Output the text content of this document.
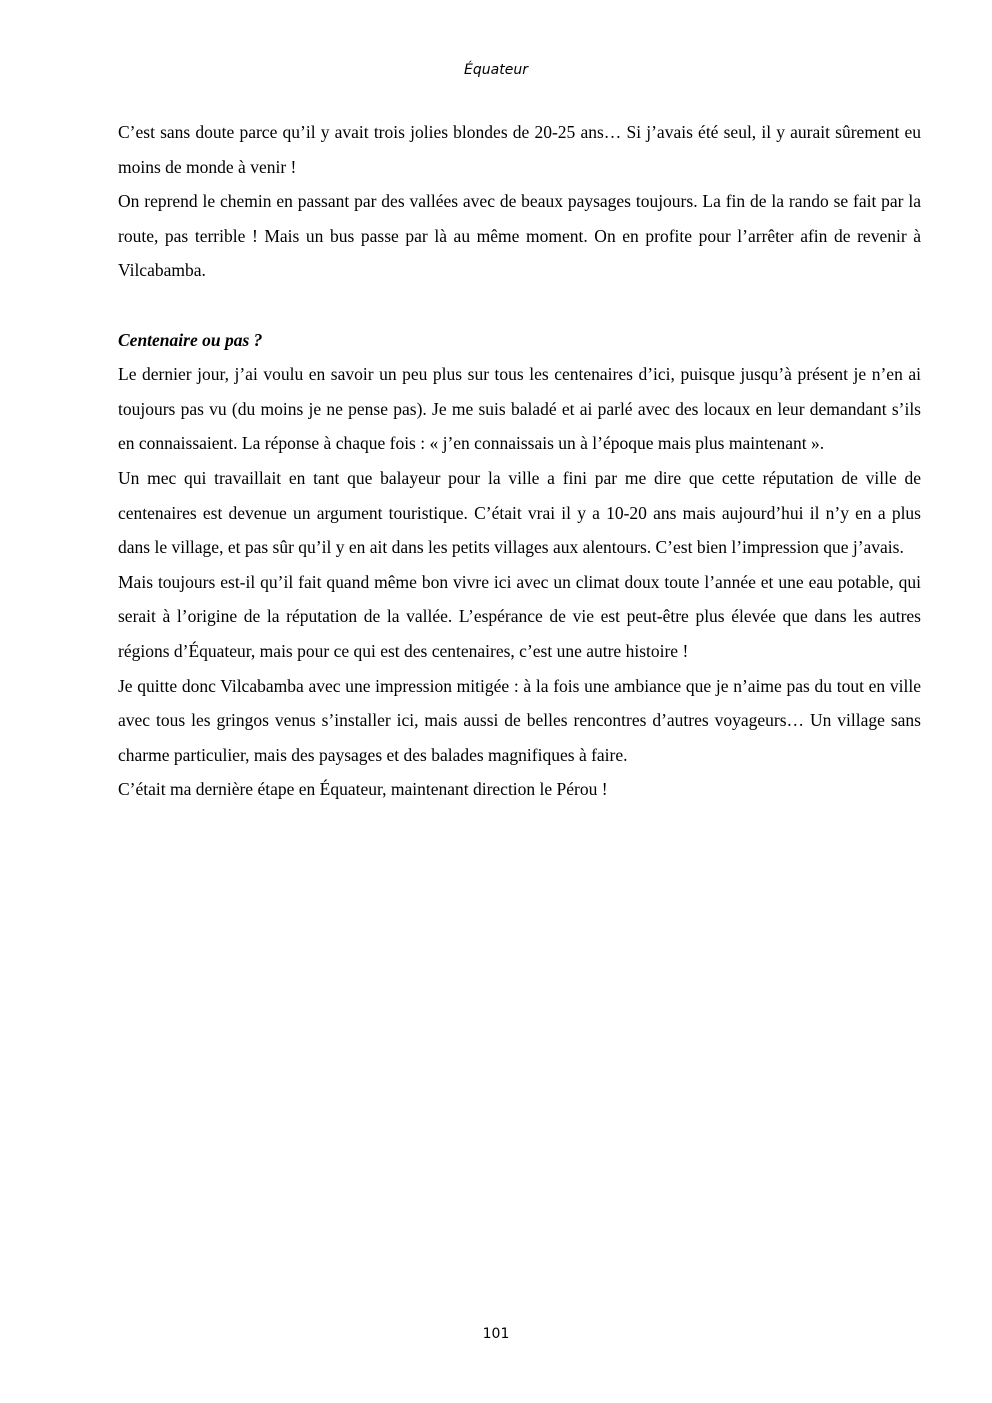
Équateur

C’est sans doute parce qu’il y avait trois jolies blondes de 20-25 ans… Si j’avais été seul, il y aurait sûrement eu moins de monde à venir !

On reprend le chemin en passant par des vallées avec de beaux paysages toujours. La fin de la rando se fait par la route, pas terrible ! Mais un bus passe par là au même moment. On en profite pour l’arrêter afin de revenir à Vilcabamba.

Centenaire ou pas ?

Le dernier jour, j’ai voulu en savoir un peu plus sur tous les centenaires d’ici, puisque jusqu’à présent je n’en ai toujours pas vu (du moins je ne pense pas). Je me suis baladé et ai parlé avec des locaux en leur demandant s’ils en connaissaient. La réponse à chaque fois : « j’en connaissais un à l’époque mais plus maintenant ».

Un mec qui travaillait en tant que balayeur pour la ville a fini par me dire que cette réputation de ville de centenaires est devenue un argument touristique. C’était vrai il y a 10-20 ans mais aujourd’hui il n’y en a plus dans le village, et pas sûr qu’il y en ait dans les petits villages aux alentours. C’est bien l’impression que j’avais.

Mais toujours est-il qu’il fait quand même bon vivre ici avec un climat doux toute l’année et une eau potable, qui serait à l’origine de la réputation de la vallée. L’espérance de vie est peut-être plus élevée que dans les autres régions d’Équateur, mais pour ce qui est des centenaires, c’est une autre histoire !

Je quitte donc Vilcabamba avec une impression mitigée : à la fois une ambiance que je n’aime pas du tout en ville avec tous les gringos venus s’installer ici, mais aussi de belles rencontres d’autres voyageurs… Un village sans charme particulier, mais des paysages et des balades magnifiques à faire.

C’était ma dernière étape en Équateur, maintenant direction le Pérou !

101
